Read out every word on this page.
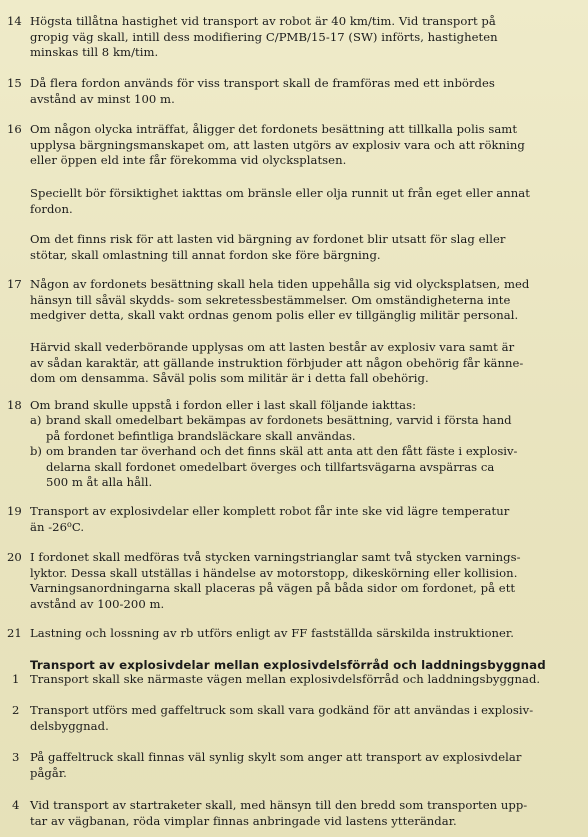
14 Högsta tillåtna hastighet vid transport av robot är 40 km/tim. Vid transport på
gropig väg skall, intill dess modifiering C/PMB/15-17 (SW) införts, hastigheten
minskas till 8 km/tim.
15 Då flera fordon används för viss transport skall de framföras med ett inbördes
avstånd av minst 100 m.
16 Om någon olycka inträffat, åligger det fordonets besättning att tillkalla polis samt
upplysa bärgningsmanskapet om, att lasten utgörs av explosiv vara och att rökning
eller öppen eld inte får förekomma vid olycksplatsen.
Speciellt bör försiktighet iakttas om bränsle eller olja runnit ut från eget eller annat
fordon.
Om det finns risk för att lasten vid bärgning av fordonet blir utsatt för slag eller
stötar, skall omlastning till annat fordon ske före bärgning.
17 Någon av fordonets besättning skall hela tiden uppehålla sig vid olycksplatsen, med
hänsyn till såväl skydds- som sekretessbestämmelser. Om omständigheterna inte
medgiver detta, skall vakt ordnas genom polis eller ev tillgänglig militär personal.
Härvid skall vederbörande upplysas om att lasten består av explosiv vara samt är
av sådan karaktär, att gällande instruktion förbjuder att någon obehörig får känne-
dom om densamma. Såväl polis som militär är i detta fall obehörig.
18 Om brand skulle uppstå i fordon eller i last skall följande iakttas:
a) brand skall omedelbart bekämpas av fordonets besättning, varvid i första hand
på fordonet befintliga brandsläckare skall användas.
b) om branden tar överhand och det finns skäl att anta att den fått fäste i explosiv-
delarna skall fordonet omedelbart överges och tillfartsvägarna avspärras ca
500 m åt alla håll.
19 Transport av explosivdelar eller komplett robot får inte ske vid lägre temperatur
än -26$^o$C.
20 I fordonet skall medföras två stycken varningstrianglar samt två stycken varnings-
lyktor. Dessa skall utställas i händelse av motorstopp, dikeskörning eller kollision.
Varningsanordningarna skall placeras på vägen på båda sidor om fordonet, på ett
avstånd av 100-200 m.
21 Lastning och lossning av rb utförs enligt av FF fastställda särskilda instruktioner.
Transport av explosivdelar mellan explosivdelsförråd och laddningsbyggnad
1 Transport skall ske närmaste vägen mellan explosivdelsförråd och laddningsbyggnad.
2 Transport utförs med gaffeltruck som skall vara godkänd för att användas i explosiv-
delsbyggnad.
3 På gaffeltruck skall finnas väl synlig skylt som anger att transport av explosivdelar
pågår.
4 Vid transport av startraketer skall, med hänsyn till den bredd som transporten upp-
tar av vägbanan, röda vimplar finnas anbringade vid lastens ytterändar.
